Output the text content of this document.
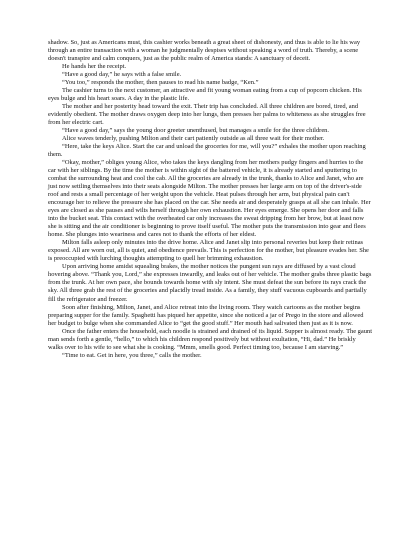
shadow. So, just as Americans must, this cashier works beneath a great sheet of dishonesty, and thus is able to lie his way through an entire transaction with a woman he judgmentally despises without speaking a word of truth. Thereby, a scene doesn't transpire and calm conquers, just as the public realm of America stands: A sanctuary of deceit.

He hands her the receipt.

“Have a good day,” he says with a false smile.

“You too,” responds the mother, then pauses to read his name badge, “Ken.”

The cashier turns to the next customer, an attractive and fit young woman eating from a cup of popcorn chicken. His eyes bulge and his heart soars. A day in the plastic life.

The mother and her posterity head toward the exit. Their trip has concluded. All three children are bored, tired, and evidently obedient. The mother draws oxygen deep into her lungs, then presses her palms to whiteness as she struggles free from her electric cart.

“Have a good day,” says the young door greeter unenthused, but manages a smile for the three children.

Alice waves tenderly, pushing Milton and their cart patiently outside as all three wait for their mother.

“Here, take the keys Alice. Start the car and unload the groceries for me, will you?” exhales the mother upon reaching them.

“Okay, mother,” obliges young Alice, who takes the keys dangling from her mothers pudgy fingers and hurries to the car with her siblings. By the time the mother is within sight of the battered vehicle, it is already started and sputtering to combat the surrounding heat and cool the cab. All the groceries are already in the trunk, thanks to Alice and Janet, who are just now settling themselves into their seats alongside Milton. The mother presses her large arm on top of the driver's-side roof and rests a small percentage of her weight upon the vehicle. Heat pulses through her arm, but physical pain can't encourage her to relieve the pressure she has placed on the car. She needs air and desperately grasps at all she can inhale. Her eyes are closed as she pauses and wilts herself through her own exhaustion. Her eyes emerge. She opens her door and falls into the bucket seat. This contact with the overheated car only increases the sweat dripping from her brow, but at least now she is sitting and the air conditioner is beginning to prove itself useful. The mother puts the transmission into gear and flees home. She plunges into weariness and cares not to thank the efforts of her eldest.

Milton falls asleep only minutes into the drive home. Alice and Janet slip into personal reveries but keep their retinas exposed. All are worn out, all is quiet, and obedience prevails. This is perfection for the mother, but pleasure evades her. She is preoccupied with lurching thoughts attempting to quell her brimming exhaustion.

Upon arriving home amidst squealing brakes, the mother notices the pungent sun rays are diffused by a vast cloud hovering above. “Thank you, Lord,” she expresses inwardly, and leaks out of her vehicle. The mother grabs three plastic bags from the trunk. At her own pace, she bounds towards home with sly intent. She must defeat the sun before its rays crack the sky. All three grab the rest of the groceries and placidly tread inside. As a family, they stuff vacuous cupboards and partially fill the refrigerator and freezer.

Soon after finishing, Milton, Janet, and Alice retreat into the living room. They watch cartoons as the mother begins preparing supper for the family. Spaghetti has piqued her appetite, since she noticed a jar of Prego in the store and allowed her budget to bulge when she commanded Alice to “get the good stuff.” Her mouth had salivated then just as it is now.

Once the father enters the household, each noodle is strained and drained of its liquid. Supper is almost ready. The gaunt man sends forth a gentle, “hello,” to which his children respond positively but without exultation, “Hi, dad.” He briskly walks over to his wife to see what she is cooking. “Mmm, smells good. Perfect timing too, because I am starving.”

“Time to eat. Get in here, you three,” calls the mother.
